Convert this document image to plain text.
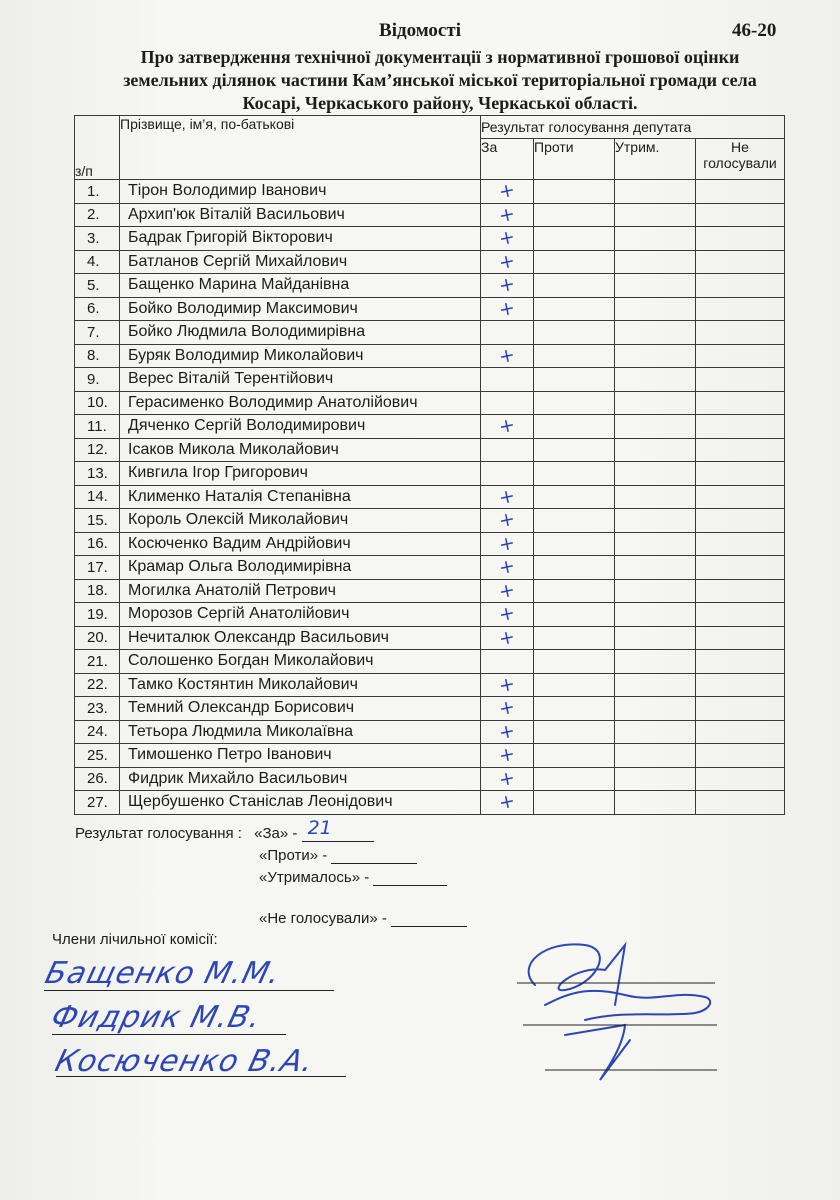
Відомості	46-20
Про затвердження технічної документації з нормативної грошової оцінки
земельних ділянок частини Кам’янської міської територіальної громади села
Косарі, Черкаського району, Черкаської області.
з/п	Прізвище, ім’я, по-батькові	Результат голосування депутата			
		За	Проти	Утрим.	Не голосували
1.	Тірон Володимир Іванович	+			

2.	Архип'юк Віталій Васильович	+			

3.	Бадрак Григорій Вікторович	+			

4.	Батланов Сергій Михайлович	+			

5.	Бащенко Марина Майданівна	+			

6.	Бойко Володимир Максимович	+			

7.	Бойко Людмила Володимирівна				
8.	Буряк Володимир Миколайович	+			

9.	Верес Віталій Терентійович				
10.	Герасименко Володимир Анатолійович				
11.	Дяченко Сергій Володимирович	+			

12.	Ісаков Микола Миколайович				
13.	Кивгила Ігор Григорович				
14.	Клименко Наталія Степанівна	+			

15.	Король Олексій Миколайович	+			

16.	Косюченко Вадим Андрійович	+			

17.	Крамар Ольга Володимирівна	+			

18.	Могилка Анатолій Петрович	+			

19.	Морозов Сергій Анатолійович	+			

20.	Нечиталюк Олександр Васильович	+			

21.	Солошенко Богдан Миколайович				
22.	Тамко Костянтин Миколайович	+			

23.	Темний Олександр Борисович	+			

24.	Тетьора Людмила Миколаївна	+			

25.	Тимошенко Петро Іванович	+			

26.	Фидрик Михайло Васильович	+			

27.	Щербушенко Станіслав Леонідович	+			

Результат голосування : «За» - 21
«Проти» -
«Утрималось» -
«Не голосували» -
Члени лічильної комісії:
Бащенко М.М.
Фидрик М.В.
Косюченко В.А.
